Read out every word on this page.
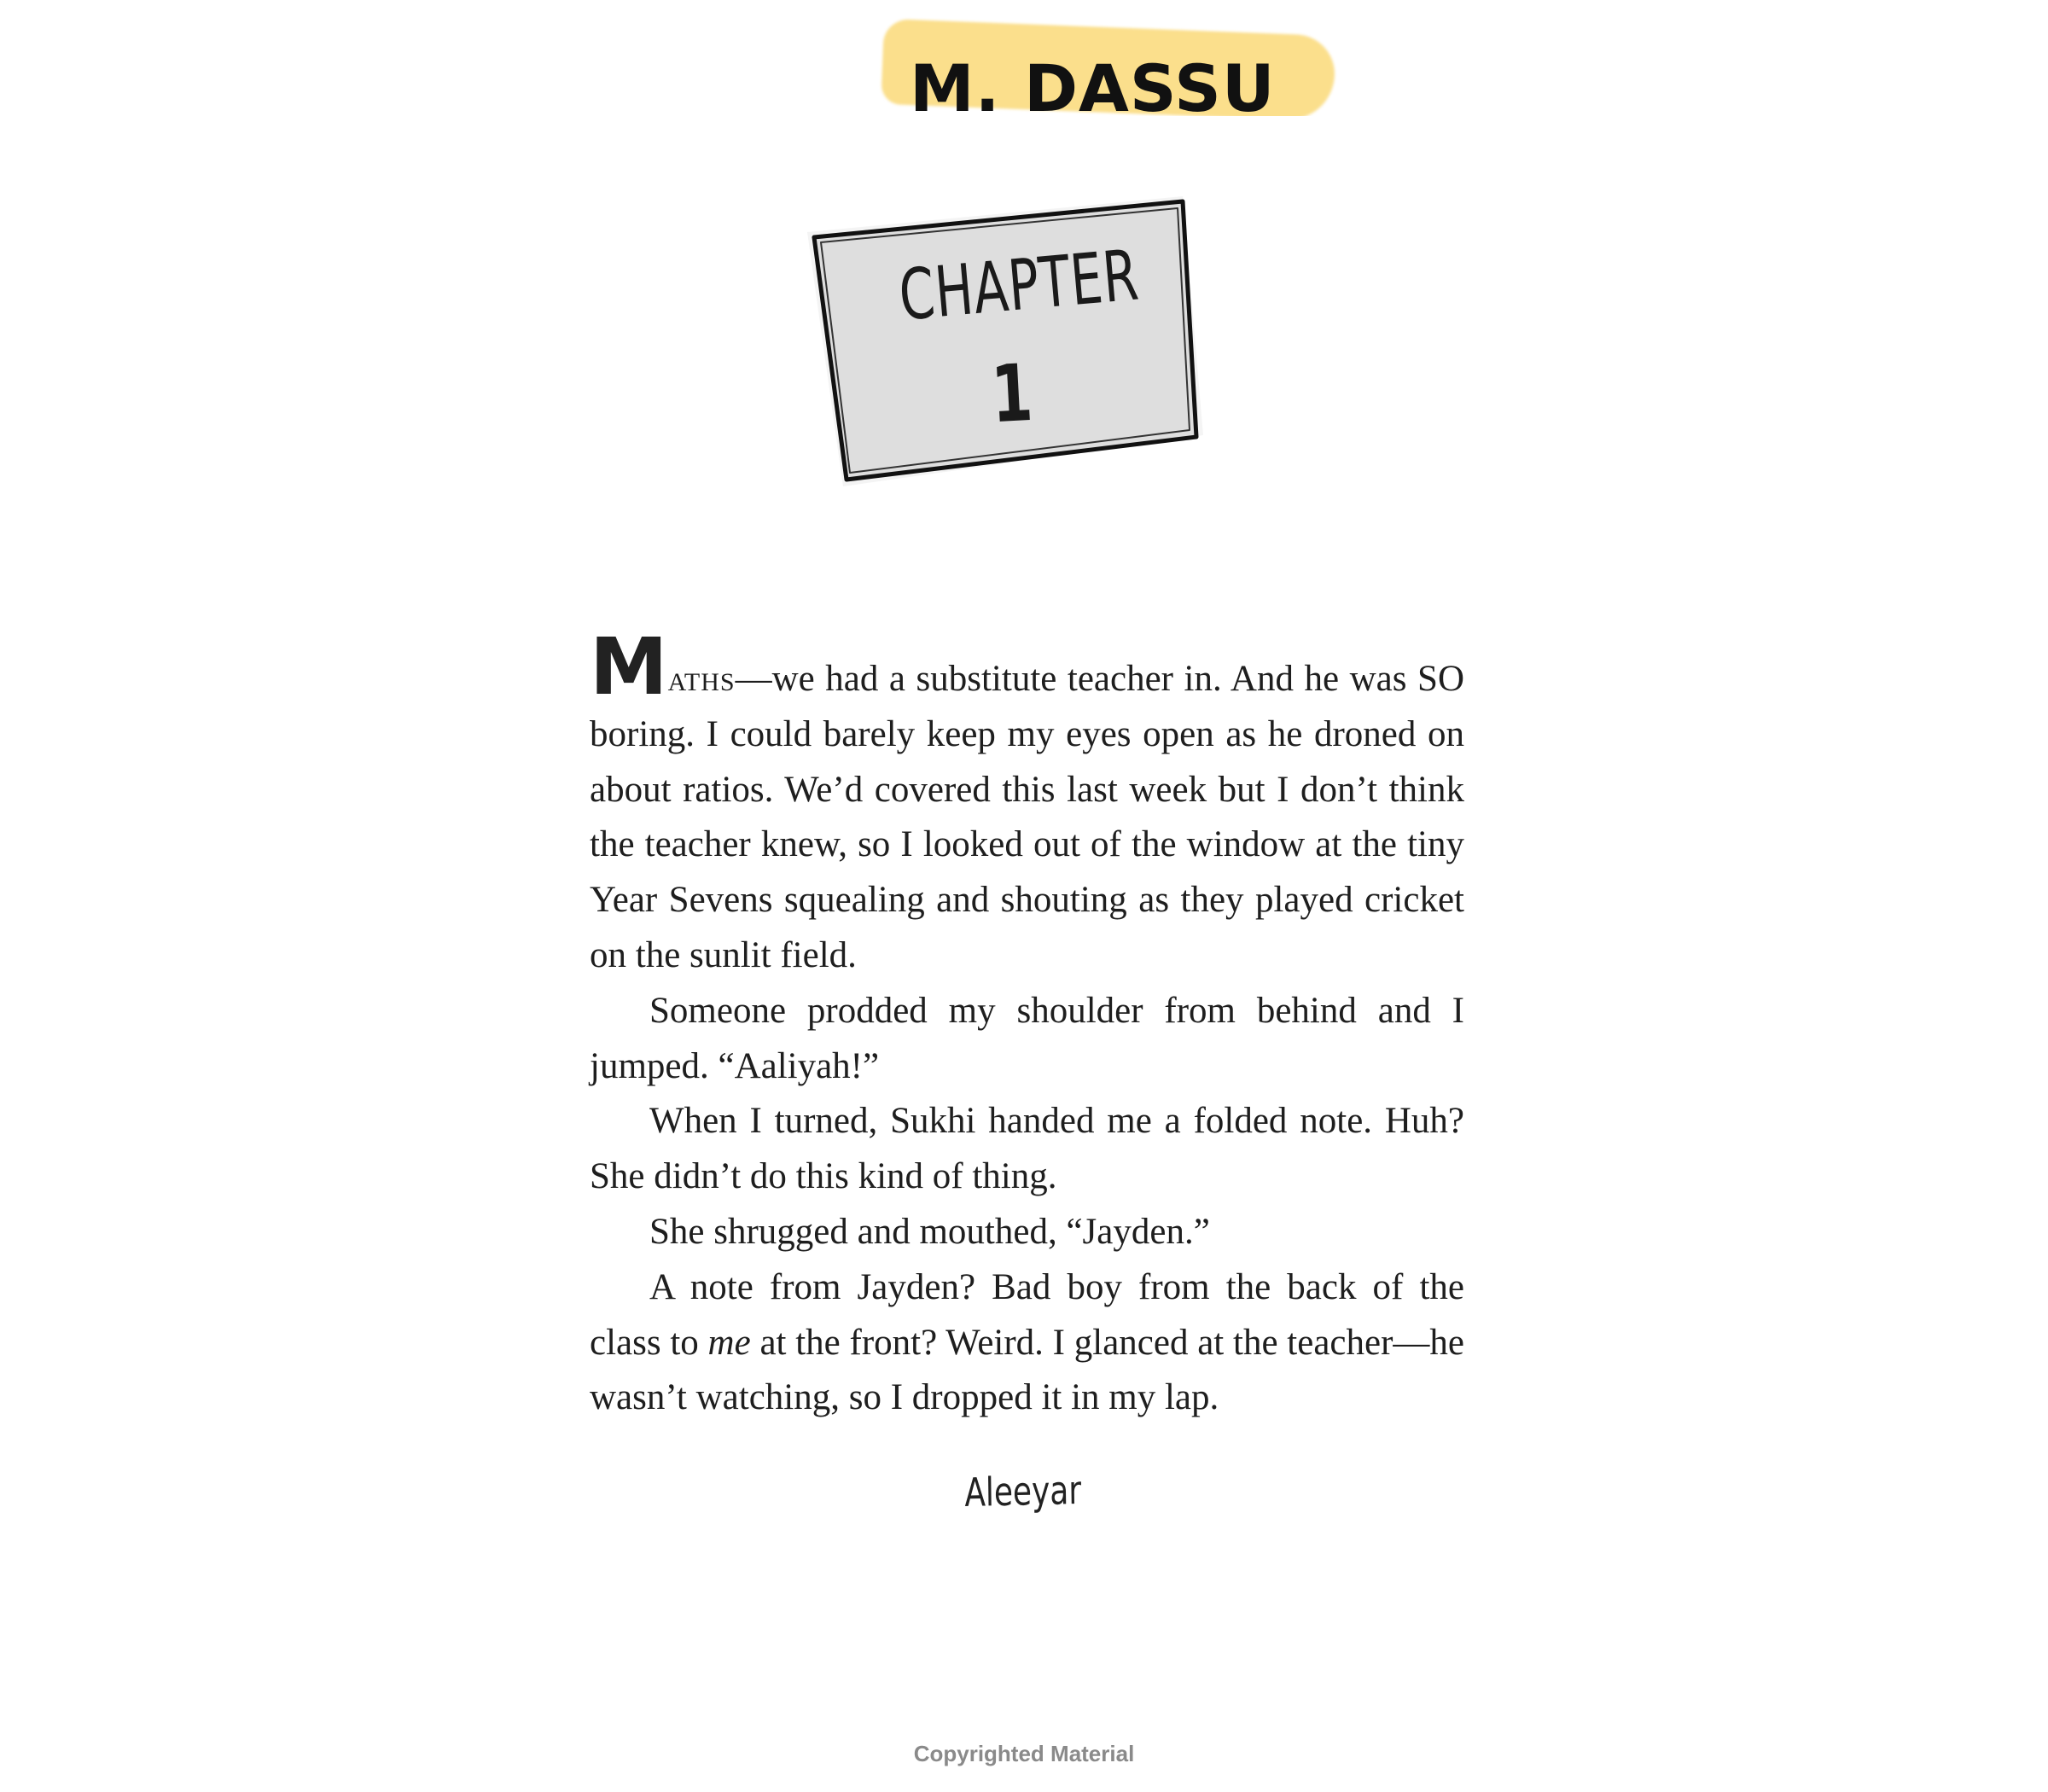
M. DASSU
CHAPTER
1

Maths—we had a substitute teacher in. And he was SO boring. I could barely keep my eyes open as he droned on about ratios. We’d covered this last week but I don’t think the teacher knew, so I looked out of the window at the tiny Year Sevens squealing and shouting as they played cricket on the sunlit field.

Someone prodded my shoulder from behind and I jumped. “Aaliyah!”

When I turned, Sukhi handed me a folded note. Huh? She didn’t do this kind of thing.

She shrugged and mouthed, “Jayden.”

A note from Jayden? Bad boy from the back of the class to me at the front? Weird. I glanced at the teacher—he wasn’t watching, so I dropped it in my lap.

Aleeyar
Copyrighted Material
